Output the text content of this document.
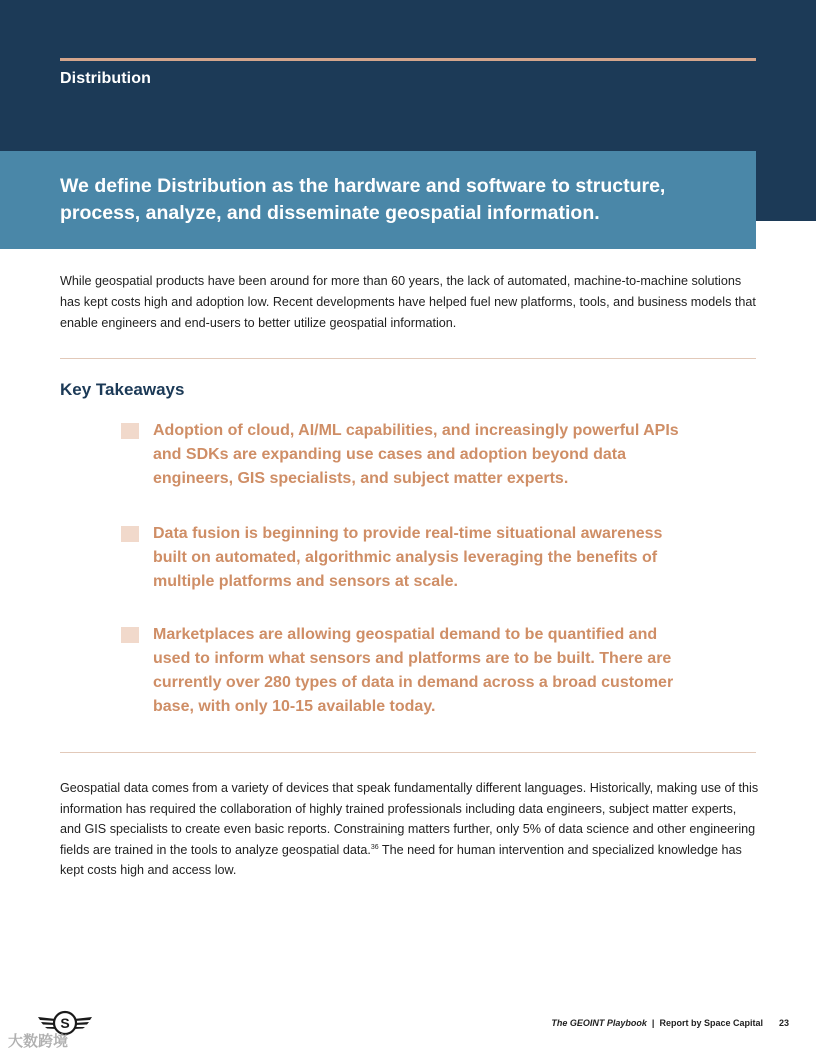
Distribution
We define Distribution as the hardware and software to structure, process, analyze, and disseminate geospatial information.
While geospatial products have been around for more than 60 years, the lack of automated, machine-to-machine solutions has kept costs high and adoption low. Recent developments have helped fuel new platforms, tools, and business models that enable engineers and end-users to better utilize geospatial information.
Key Takeaways
Adoption of cloud, AI/ML capabilities, and increasingly powerful APIs and SDKs are expanding use cases and adoption beyond data engineers, GIS specialists, and subject matter experts.
Data fusion is beginning to provide real-time situational awareness built on automated, algorithmic analysis leveraging the benefits of multiple platforms and sensors at scale.
Marketplaces are allowing geospatial demand to be quantified and used to inform what sensors and platforms are to be built. There are currently over 280 types of data in demand across a broad customer base, with only 10-15 available today.
Geospatial data comes from a variety of devices that speak fundamentally different languages. Historically, making use of this information has required the collaboration of highly trained professionals including data engineers, subject matter experts, and GIS specialists to create even basic reports. Constraining matters further, only 5% of data science and other engineering fields are trained in the tools to analyze geospatial data.$^{36}$ The need for human intervention and specialized knowledge has kept costs high and access low.
S
大数跨境
The GEOINT Playbook | Report by Space Capital 23
